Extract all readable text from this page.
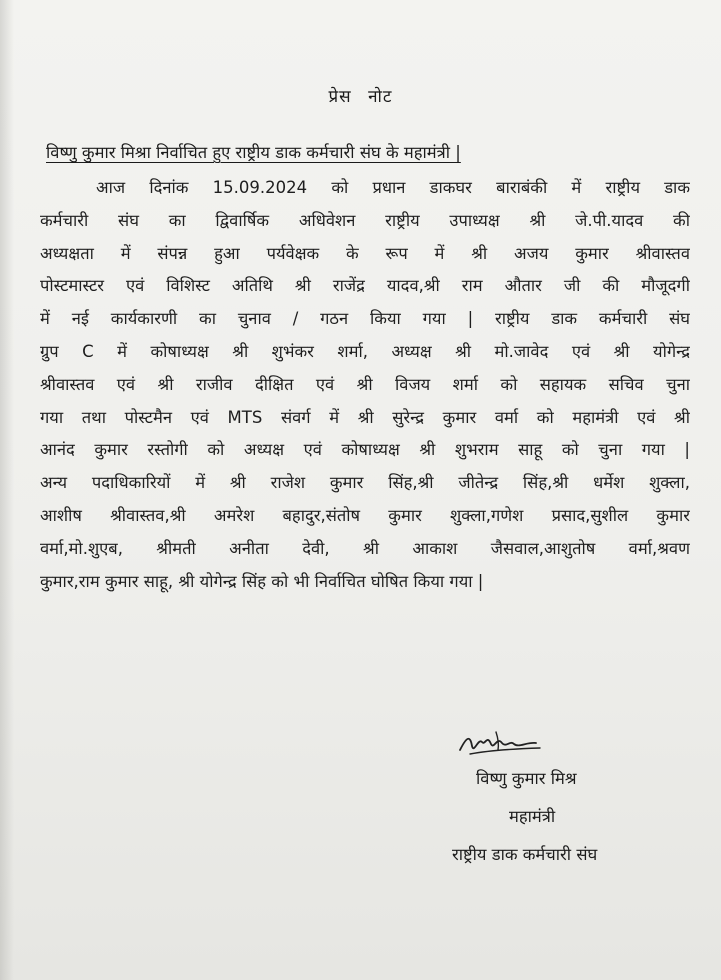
प्रेस नोट
विष्णु कुमार मिश्रा निर्वाचित हुए राष्ट्रीय डाक कर्मचारी संघ के महामंत्री |
आज दिनांक 15.09.2024 को प्रधान डाकघर बाराबंकी में राष्ट्रीय डाक
कर्मचारी संघ का द्विवार्षिक अधिवेशन राष्ट्रीय उपाध्यक्ष श्री जे.पी.यादव की
अध्यक्षता में संपन्न हुआ पर्यवेक्षक के रूप में श्री अजय कुमार श्रीवास्तव
पोस्टमास्टर एवं विशिस्ट अतिथि श्री राजेंद्र यादव,श्री राम औतार जी की मौजूदगी
में नई कार्यकारणी का चुनाव / गठन किया गया | राष्ट्रीय डाक कर्मचारी संघ
ग्रुप C में कोषाध्यक्ष श्री शुभंकर शर्मा, अध्यक्ष श्री मो.जावेद एवं श्री योगेन्द्र
श्रीवास्तव एवं श्री राजीव दीक्षित एवं श्री विजय शर्मा को सहायक सचिव चुना
गया तथा पोस्टमैन एवं MTS संवर्ग में श्री सुरेन्द्र कुमार वर्मा को महामंत्री एवं श्री
आनंद कुमार रस्तोगी को अध्यक्ष एवं कोषाध्यक्ष श्री शुभराम साहू को चुना गया |
अन्य पदाधिकारियों में श्री राजेश कुमार सिंह,श्री जीतेन्द्र सिंह,श्री धर्मेश शुक्ला,
आशीष श्रीवास्तव,श्री अमरेश बहादुर,संतोष कुमार शुक्ला,गणेश प्रसाद,सुशील कुमार
वर्मा,मो.शुएब, श्रीमती अनीता देवी, श्री आकाश जैसवाल,आशुतोष वर्मा,श्रवण
कुमार,राम कुमार साहू, श्री योगेन्द्र सिंह को भी निर्वाचित घोषित किया गया |
विष्णु कुमार मिश्र
महामंत्री
राष्ट्रीय डाक कर्मचारी संघ
